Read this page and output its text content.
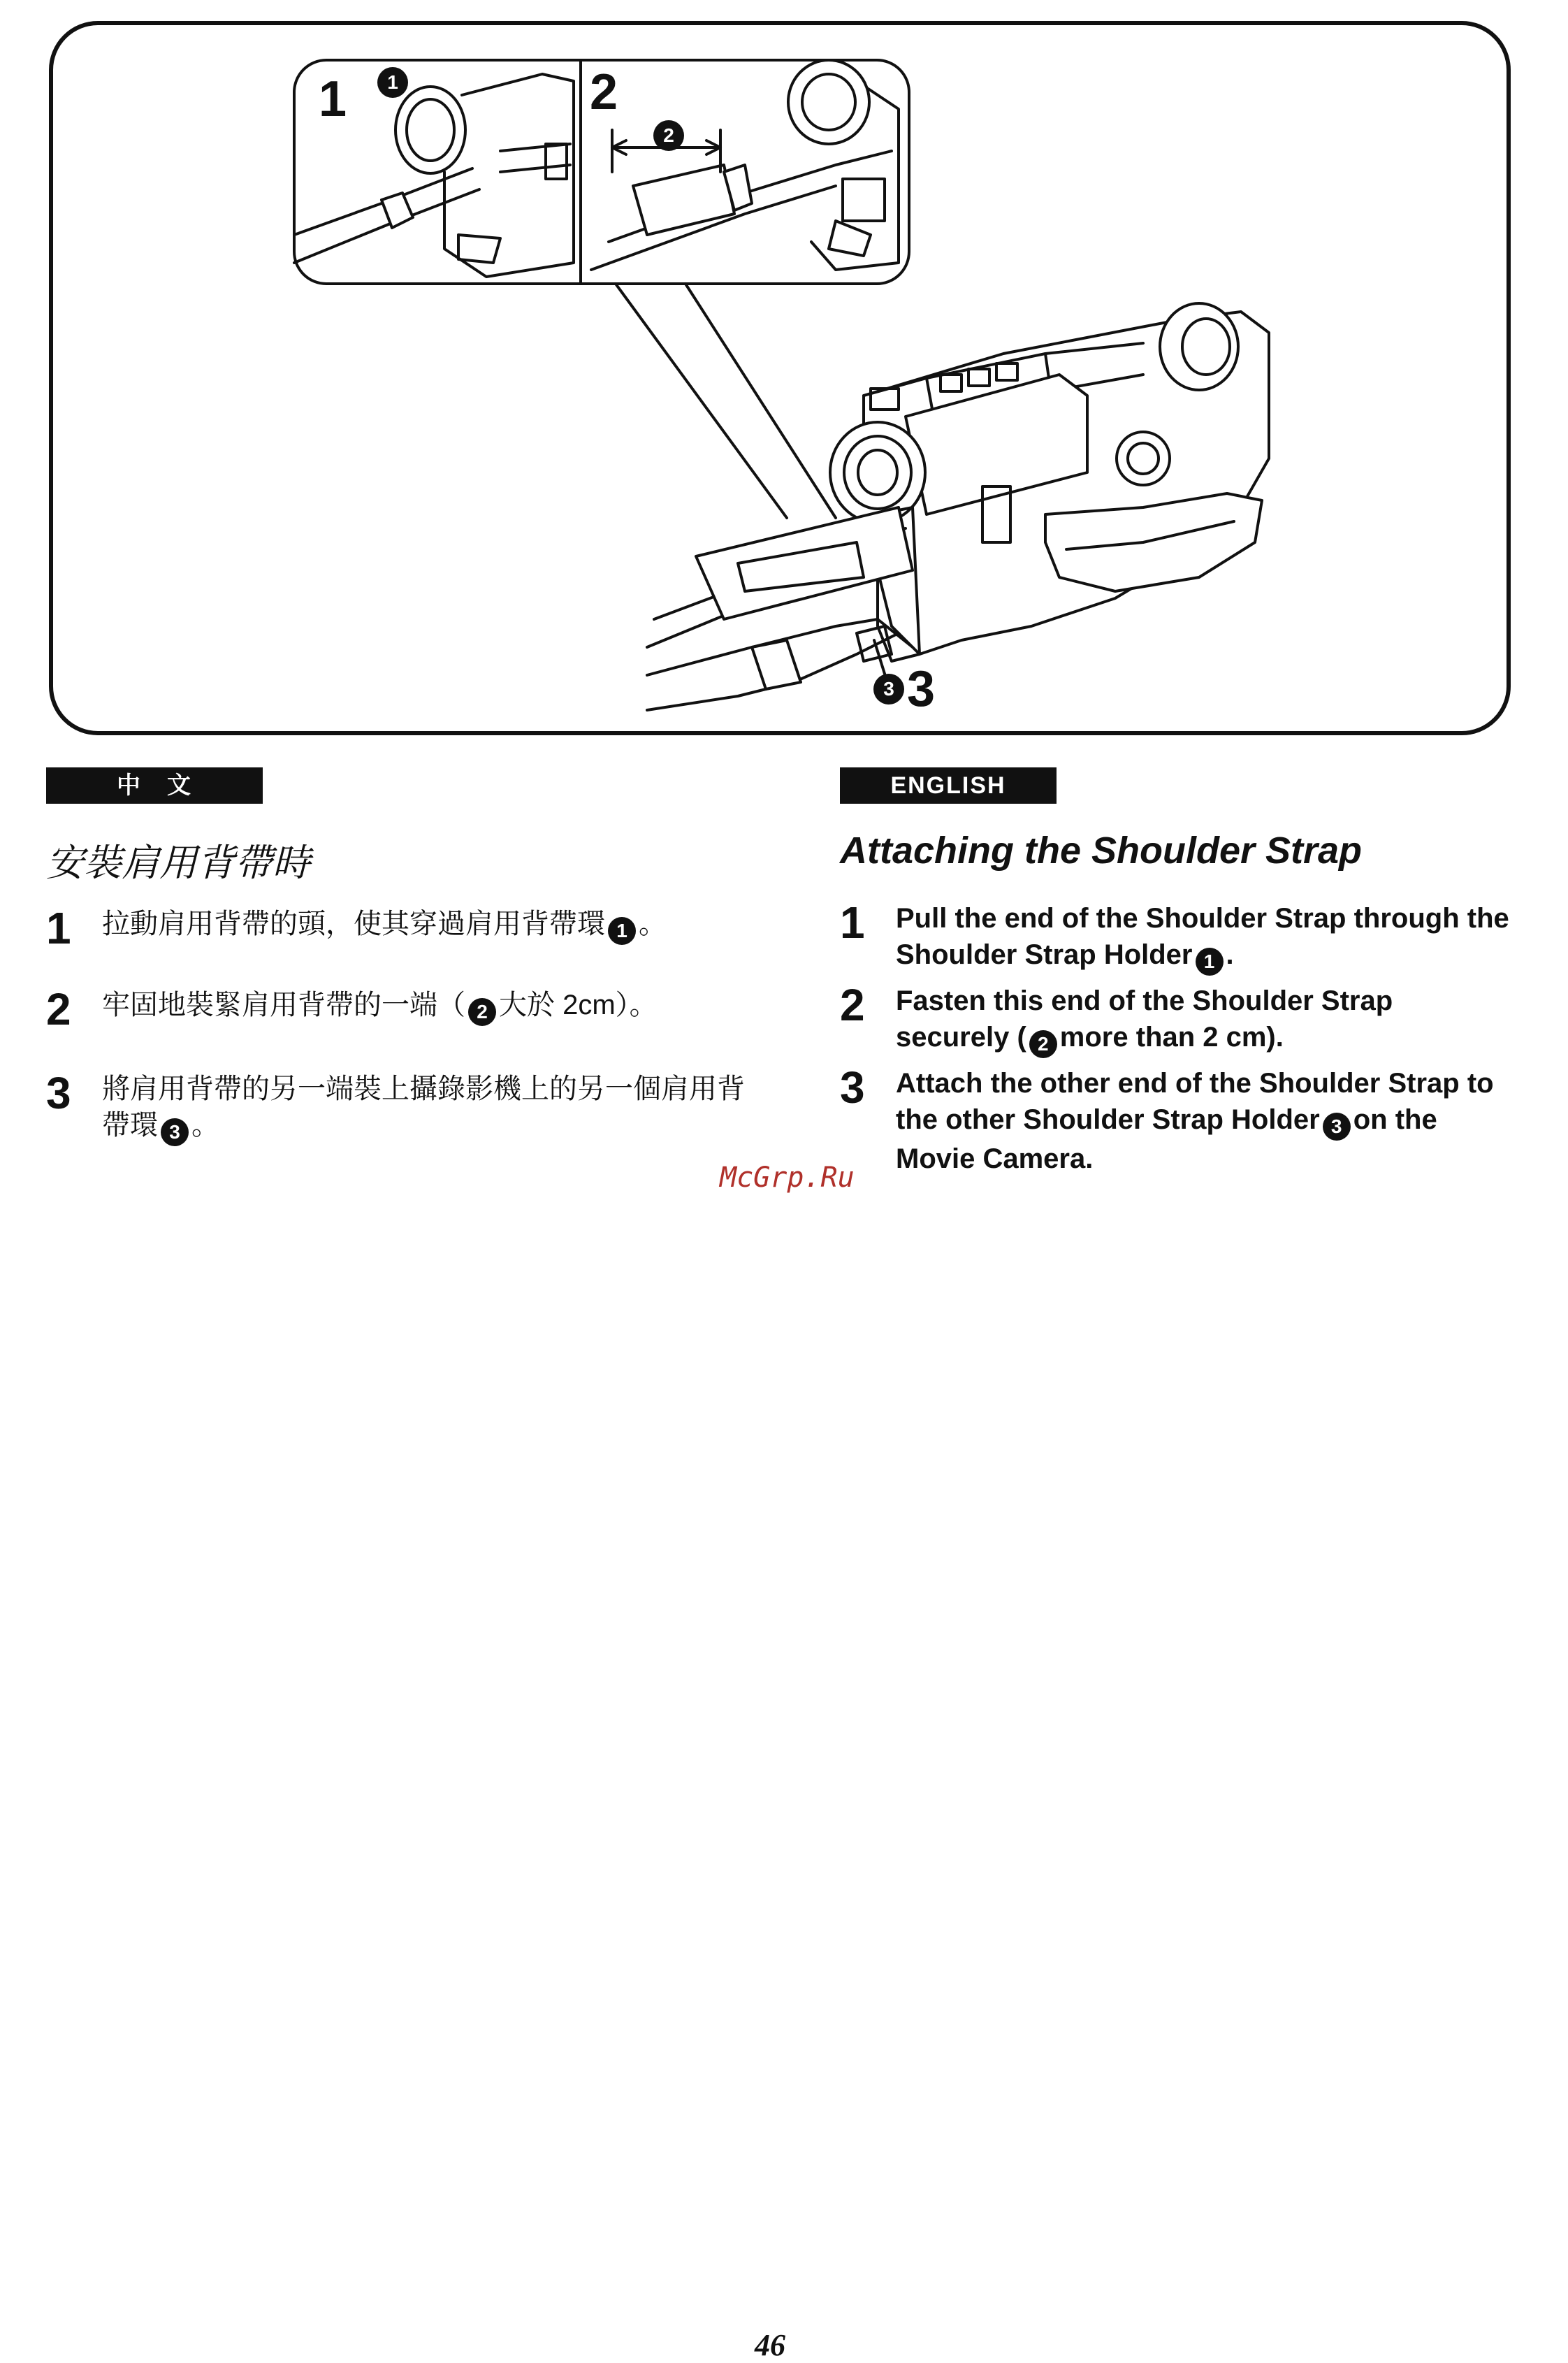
1	1	2
2
3 3
中　文
安裝肩用背帶時
1	拉動肩用背帶的頭，使其穿過肩用背帶環 1 。
2	牢固地裝緊肩用背帶的一端（ 2 大於 2cm）。
3	將肩用背帶的另一端裝上攝錄影機上的另一個肩用背帶環 3 。
McGrp.Ru
ENGLISH
Attaching the Shoulder Strap
1	Pull the end of the Shoulder Strap through the Shoulder Strap Holder 1 .
2	Fasten this end of the Shoulder Strap securely ( 2 more than 2 cm).
3	Attach the other end of the Shoulder Strap to the other Shoulder Strap Holder 3 on the Movie Camera.
46
